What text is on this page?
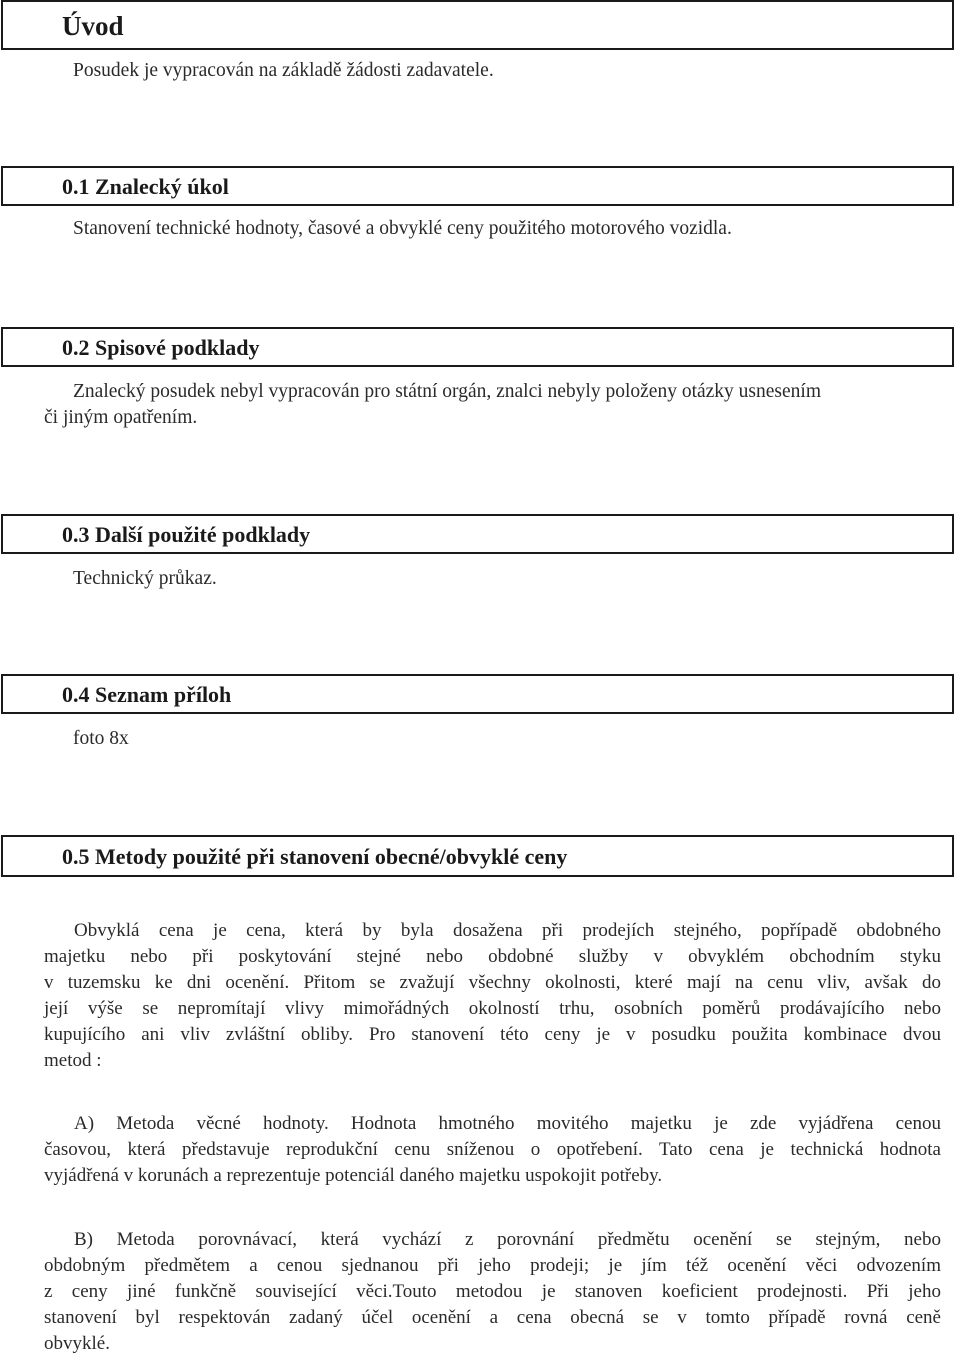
Úvod
Posudek je vypracován na základě žádosti zadavatele.
0.1 Znalecký úkol
Stanovení technické hodnoty, časové a obvyklé ceny použitého motorového vozidla.
0.2 Spisové podklady
Znalecký posudek nebyl vypracován pro státní orgán, znalci nebyly položeny otázky usnesením
či jiným opatřením.
0.3 Další použité podklady
Technický průkaz.
0.4 Seznam příloh
foto 8x
0.5 Metody použité při stanovení obecné/obvyklé ceny
Obvyklá cena je cena, která by byla dosažena při prodejích stejného, popřípadě obdobného
majetku nebo při poskytování stejné nebo obdobné služby v obvyklém obchodním styku
v tuzemsku ke dni ocenění. Přitom se zvažují všechny okolnosti, které mají na cenu vliv, avšak do
její výše se nepromítají vlivy mimořádných okolností trhu, osobních poměrů prodávajícího nebo
kupujícího ani vliv zvláštní obliby. Pro stanovení této ceny je v posudku použita kombinace dvou
metod :
A) Metoda věcné hodnoty. Hodnota hmotného movitého majetku je zde vyjádřena cenou
časovou, která představuje reprodukční cenu sníženou o opotřebení. Tato cena je technická hodnota
vyjádřená v korunách a reprezentuje potenciál daného majetku uspokojit potřeby.
B) Metoda porovnávací, která vychází z porovnání předmětu ocenění se stejným, nebo
obdobným předmětem a cenou sjednanou při jeho prodeji; je jím též ocenění věci odvozením
z ceny jiné funkčně související věci.Touto metodou je stanoven koeficient prodejnosti. Při jeho
stanovení byl respektován zadaný účel ocenění a cena obecná se v tomto případě rovná ceně
obvyklé.
